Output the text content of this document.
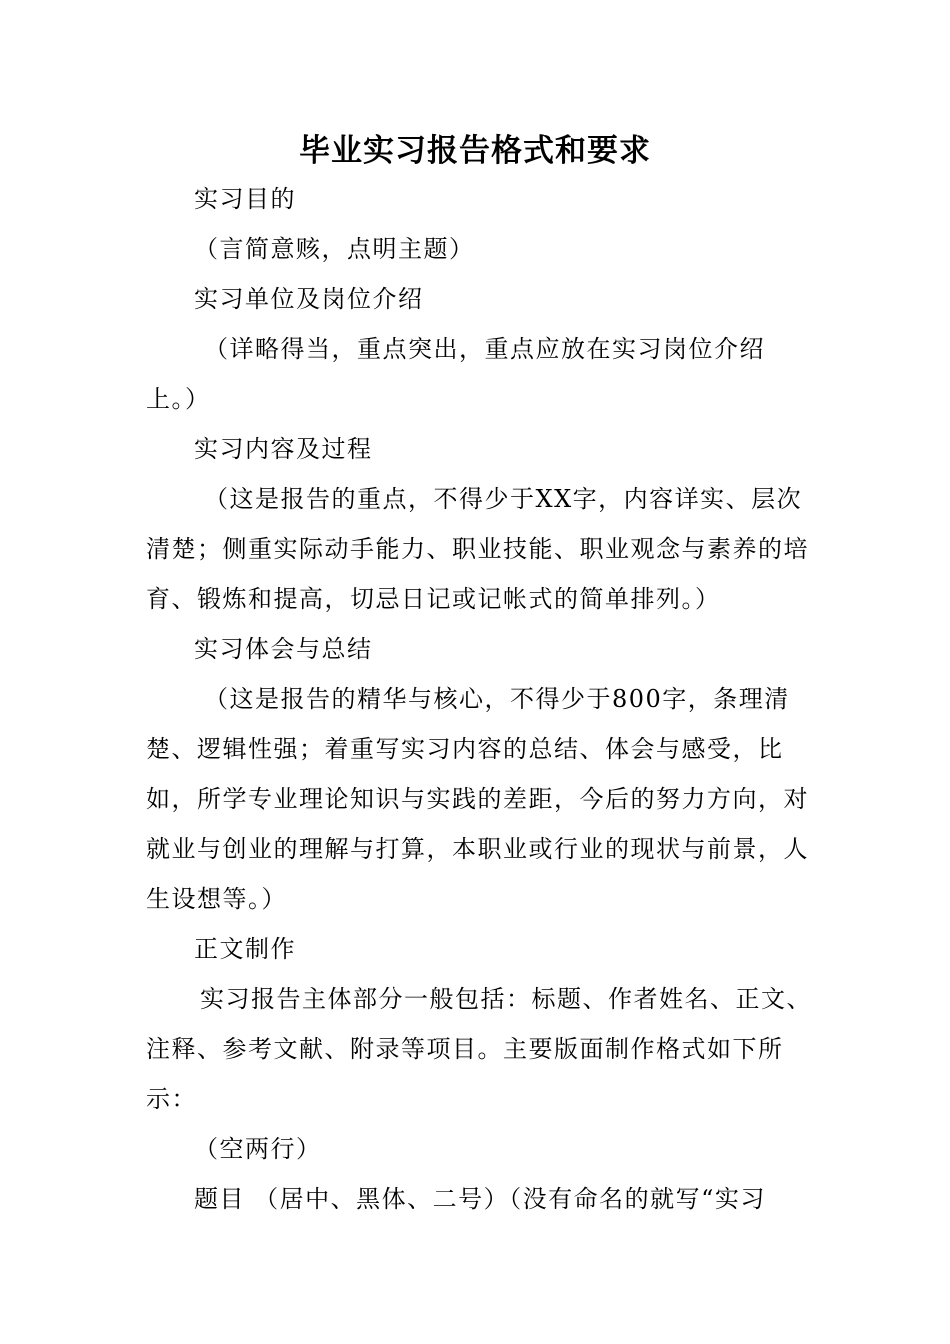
毕业实习报告格式和要求

实习目的

（言简意赅，点明主题）

实习单位及岗位介绍

（详略得当，重点突出，重点应放在实习岗位介绍上。）

实习内容及过程

（这是报告的重点，不得少于XX字，内容详实、层次清楚；侧重实际动手能力、职业技能、职业观念与素养的培育、锻炼和提高，切忌日记或记帐式的简单排列。）

实习体会与总结

（这是报告的精华与核心，不得少于800字，条理清楚、逻辑性强；着重写实习内容的总结、体会与感受，比如，所学专业理论知识与实践的差距，今后的努力方向，对就业与创业的理解与打算，本职业或行业的现状与前景，人生设想等。）

正文制作

实习报告主体部分一般包括：标题、作者姓名、正文、注释、参考文献、附录等项目。主要版面制作格式如下所示：

（空两行）

题目 （居中、黑体、二号）（没有命名的就写“实习
